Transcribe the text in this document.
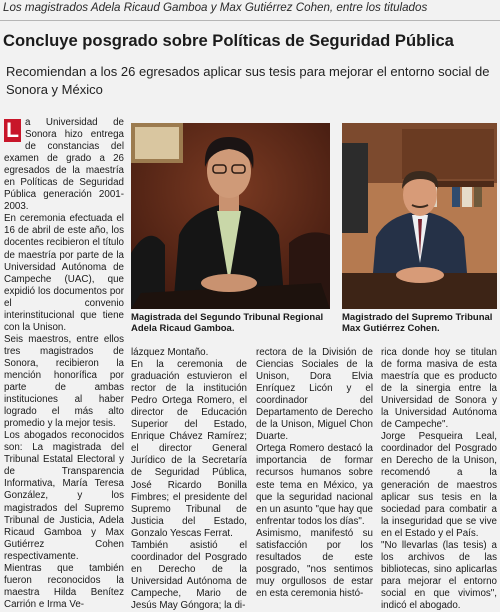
Los magistrados Adela Ricaud Gamboa y Max Gutiérrez Cohen, entre los titulados
Concluye posgrado sobre Políticas de Seguridad Pública
Recomiendan a los 26 egresados aplicar sus tesis para mejorar el entorno social de Sonora y México
L a Universidad de Sonora hizo entrega de constancias del examen de grado a 26 egresados de la maestría en Políticas de Seguridad Pública generación 2001-2003.

En ceremonia efectuada el 16 de abril de este año, los docentes recibieron el título de maestría por parte de la Universidad Autónoma de Campeche (UAC), que expidió los documentos por el convenio interinstitucional que tiene con la Unison.

Seis maestros, entre ellos tres magistrados de Sonora, recibieron la mención honorífica por parte de ambas instituciones al haber logrado el más alto promedio y la mejor tesis.

Los abogados reconocidos son: La magistrada del Tribunal Estatal Electoral y de Transparencia Informativa, María Teresa González, y los magistrados del Supremo Tribunal de Justicia, Adela Ricaud Gamboa y Max Gutiérrez Cohen respectivamente.

Mientras que también fueron reconocidos la maestra Hilda Benítez Carrión e Irma Ve-

Magistrada del Segundo Tribunal Regional Adela Ricaud Gamboa.
Magistrado del Supremo Tribunal Max Gutiérrez Cohen.

lázquez Montaño.

En la ceremonia de graduación estuvieron el rector de la institución Pedro Ortega Romero, el director de Educación Superior del Estado, Enrique Chávez Ramírez; el director General Jurídico de la Secretaría de Seguridad Pública, José Ricardo Bonilla Fimbres; el presidente del Supremo Tribunal de Justicia del Estado, Gonzalo Yescas Ferrat.

También asistió el coordinador del Posgrado en Derecho de la Universidad Autónoma de Campeche, Mario de Jesús May Góngora; la di-

rectora de la División de Ciencias Sociales de la Unison, Dora Elvia Enríquez Licón y el coordinador del Departamento de Derecho de la Unison, Miguel Chon Duarte.

Ortega Romero destacó la importancia de formar recursos humanos sobre este tema en México, ya que la seguridad nacional en un asunto "que hay que enfrentar todos los días".

Asimismo, manifestó su satisfacción por los resultados de este posgrado, "nos sentimos muy orgullosos de estar en esta ceremonia histó-

rica donde hoy se titulan de forma masiva de esta maestría que es producto de la sinergia entre la Universidad de Sonora y la Universidad Autónoma de Campeche".

Jorge Pesqueira Leal, coordinador del Posgrado en Derecho de la Unison, recomendó a la generación de maestros aplicar sus tesis en la sociedad para combatir a la inseguridad que se vive en el Estado y el País.

"No llevarlas (las tesis) a los archivos de las bibliotecas, sino aplicarlas para mejorar el entorno social en que vivimos", indicó el abogado.
